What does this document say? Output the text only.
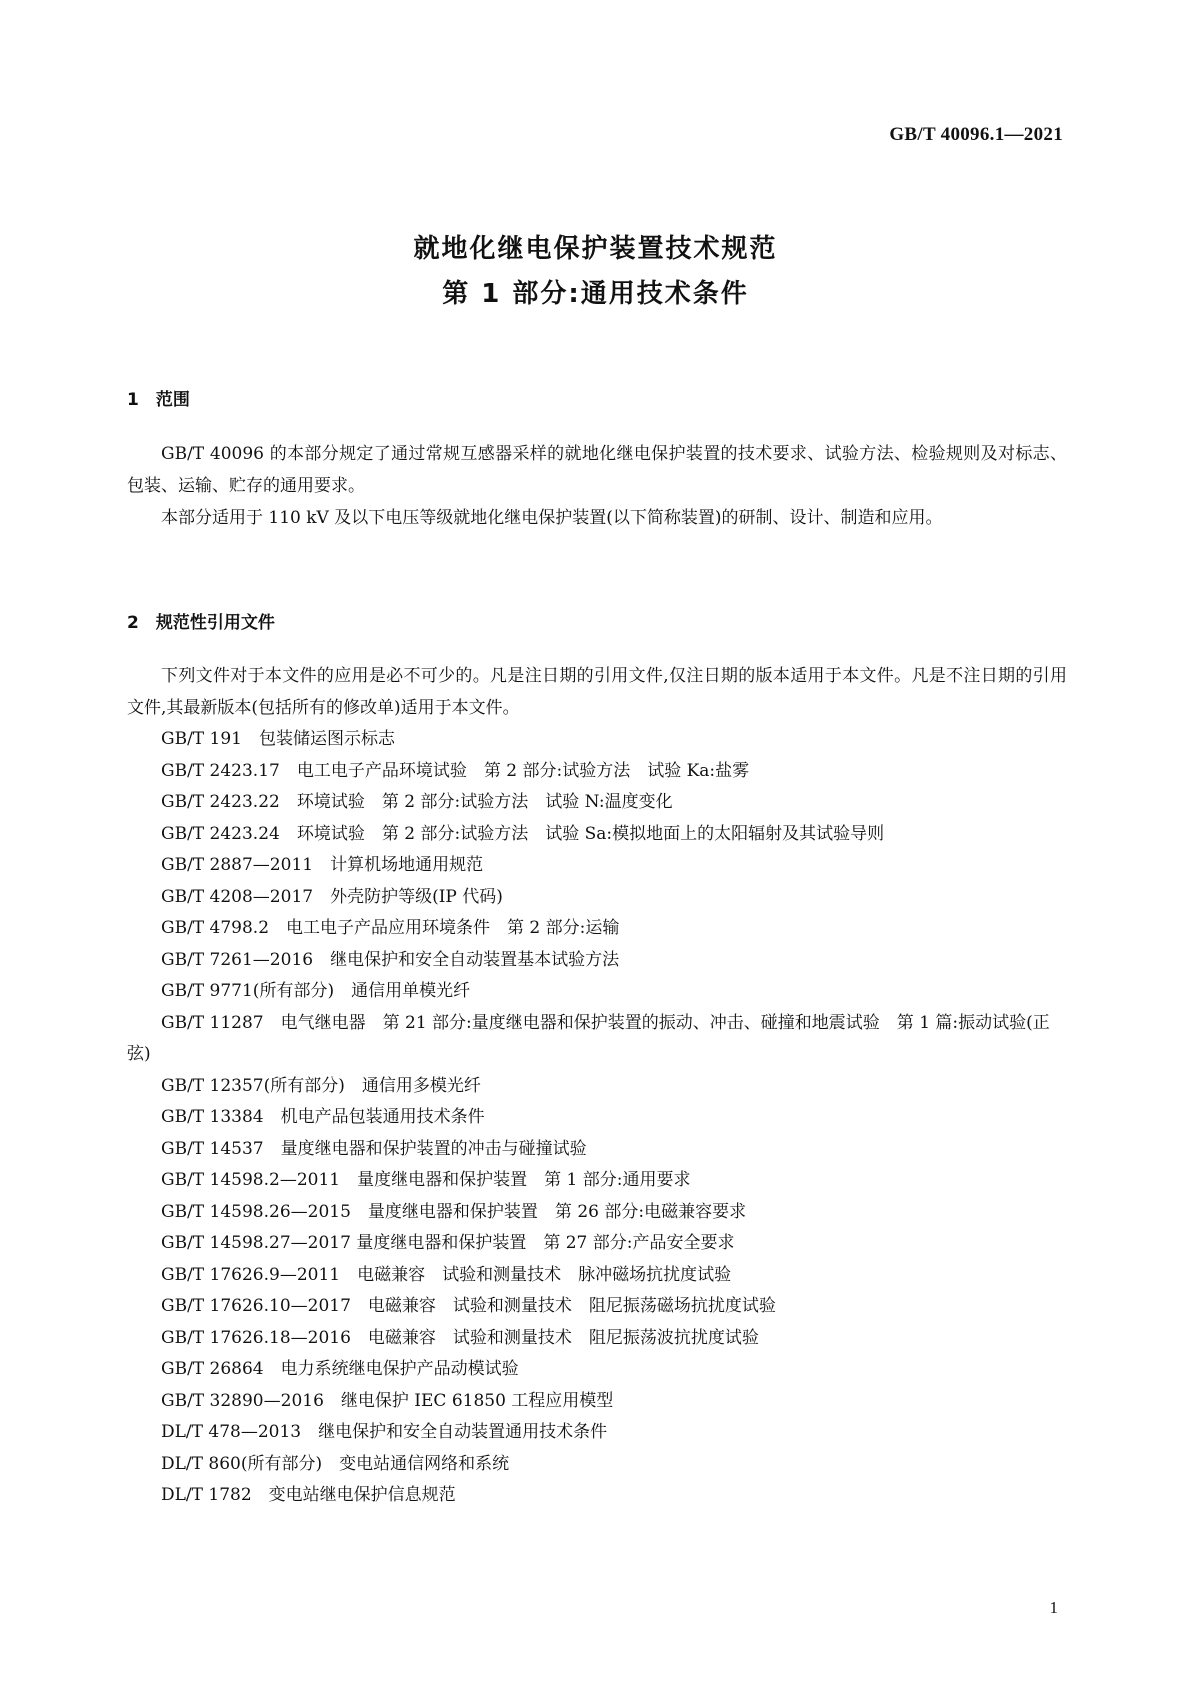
GB/T 40096.1—2021
就地化继电保护装置技术规范
第 1 部分:通用技术条件
1　范围

GB/T 40096 的本部分规定了通过常规互感器采样的就地化继电保护装置的技术要求、试验方法、检验规则及对标志、包装、运输、贮存的通用要求。

本部分适用于 110 kV 及以下电压等级就地化继电保护装置(以下简称装置)的研制、设计、制造和应用。

2　规范性引用文件

下列文件对于本文件的应用是必不可少的。凡是注日期的引用文件,仅注日期的版本适用于本文件。凡是不注日期的引用文件,其最新版本(包括所有的修改单)适用于本文件。

GB/T 191　包装储运图示标志
GB/T 2423.17　电工电子产品环境试验　第 2 部分:试验方法　试验 Ka:盐雾
GB/T 2423.22　环境试验　第 2 部分:试验方法　试验 N:温度变化
GB/T 2423.24　环境试验　第 2 部分:试验方法　试验 Sa:模拟地面上的太阳辐射及其试验导则
GB/T 2887—2011　计算机场地通用规范
GB/T 4208—2017　外壳防护等级(IP 代码)
GB/T 4798.2　电工电子产品应用环境条件　第 2 部分:运输
GB/T 7261—2016　继电保护和安全自动装置基本试验方法
GB/T 9771(所有部分)　通信用单模光纤
GB/T 11287　电气继电器　第 21 部分:量度继电器和保护装置的振动、冲击、碰撞和地震试验　第 1 篇:振动试验(正弦)
GB/T 12357(所有部分)　通信用多模光纤
GB/T 13384　机电产品包装通用技术条件
GB/T 14537　量度继电器和保护装置的冲击与碰撞试验
GB/T 14598.2—2011　量度继电器和保护装置　第 1 部分:通用要求
GB/T 14598.26—2015　量度继电器和保护装置　第 26 部分:电磁兼容要求
GB/T 14598.27—2017 量度继电器和保护装置　第 27 部分:产品安全要求
GB/T 17626.9—2011　电磁兼容　试验和测量技术　脉冲磁场抗扰度试验
GB/T 17626.10—2017　电磁兼容　试验和测量技术　阻尼振荡磁场抗扰度试验
GB/T 17626.18—2016　电磁兼容　试验和测量技术　阻尼振荡波抗扰度试验
GB/T 26864　电力系统继电保护产品动模试验
GB/T 32890—2016　继电保护 IEC 61850 工程应用模型
DL/T 478—2013　继电保护和安全自动装置通用技术条件
DL/T 860(所有部分)　变电站通信网络和系统
DL/T 1782　变电站继电保护信息规范
1
